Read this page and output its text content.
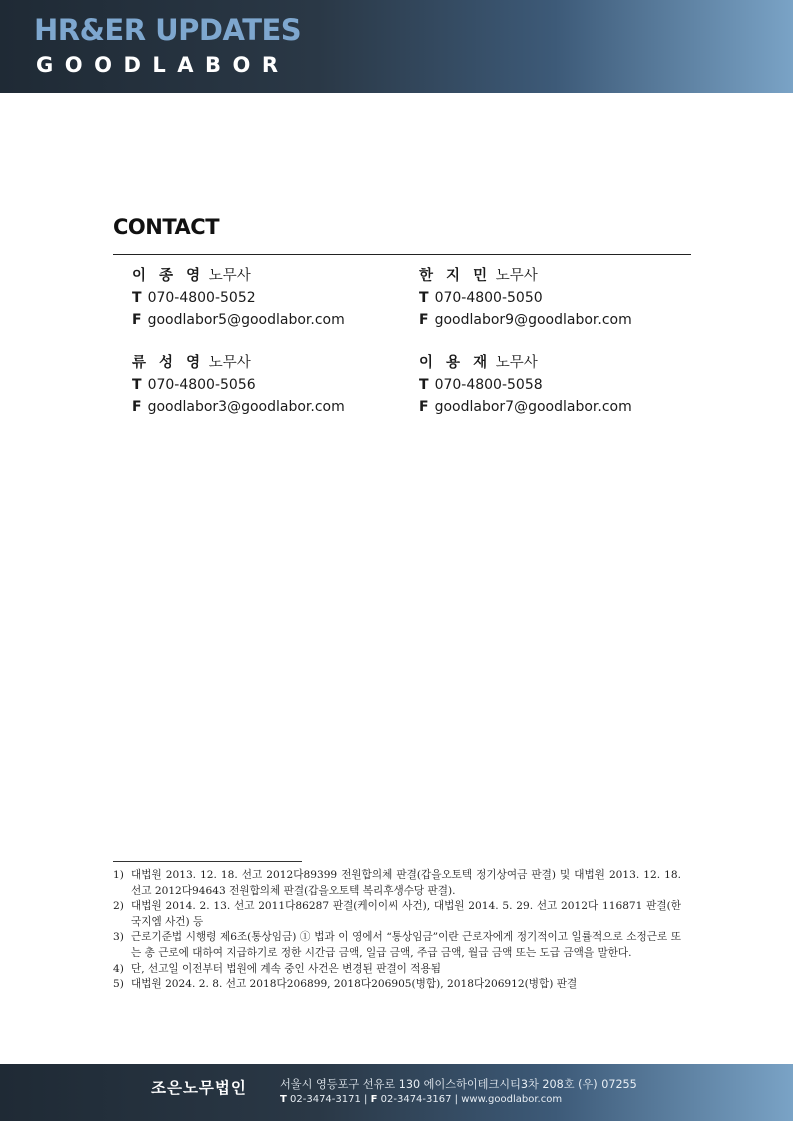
HR&ER UPDATES
GOODLABOR
CONTACT
이 종 영 노무사
T 070-4800-5052
F goodlabor5@goodlabor.com
한 지 민 노무사
T 070-4800-5050
F goodlabor9@goodlabor.com
류 성 영 노무사
T 070-4800-5056
F goodlabor3@goodlabor.com
이 용 재 노무사
T 070-4800-5058
F goodlabor7@goodlabor.com
1) 대법원 2013. 12. 18. 선고 2012다89399 전원합의체 판결(갑을오토텍 정기상여금 판결) 및 대법원 2013. 12. 18. 선고 2012다94643 전원합의체 판결(갑을오토텍 복리후생수당 판결).
2) 대법원 2014. 2. 13. 선고 2011다86287 판결(케이이씨 사건), 대법원 2014. 5. 29. 선고 2012다 116871 판결(한국지엠 사건) 등
3) 근로기준법 시행령 제6조(통상임금) ① 법과 이 영에서 “통상임금”이란 근로자에게 정기적이고 일률적으로 소정근로 또는 총 근로에 대하여 지급하기로 정한 시간급 금액, 일급 금액, 주급 금액, 월급 금액 또는 도급 금액을 말한다.
4) 단, 선고일 이전부터 법원에 계속 중인 사건은 변경된 판결이 적용됨
5) 대법원 2024. 2. 8. 선고 2018다206899, 2018다206905(병합), 2018다206912(병합) 판결
조은노무법인	서울시 영등포구 선유로 130 에이스하이테크시티3차 208호 (우) 07255
T 02-3474-3171 | F 02-3474-3167 | www.goodlabor.com
